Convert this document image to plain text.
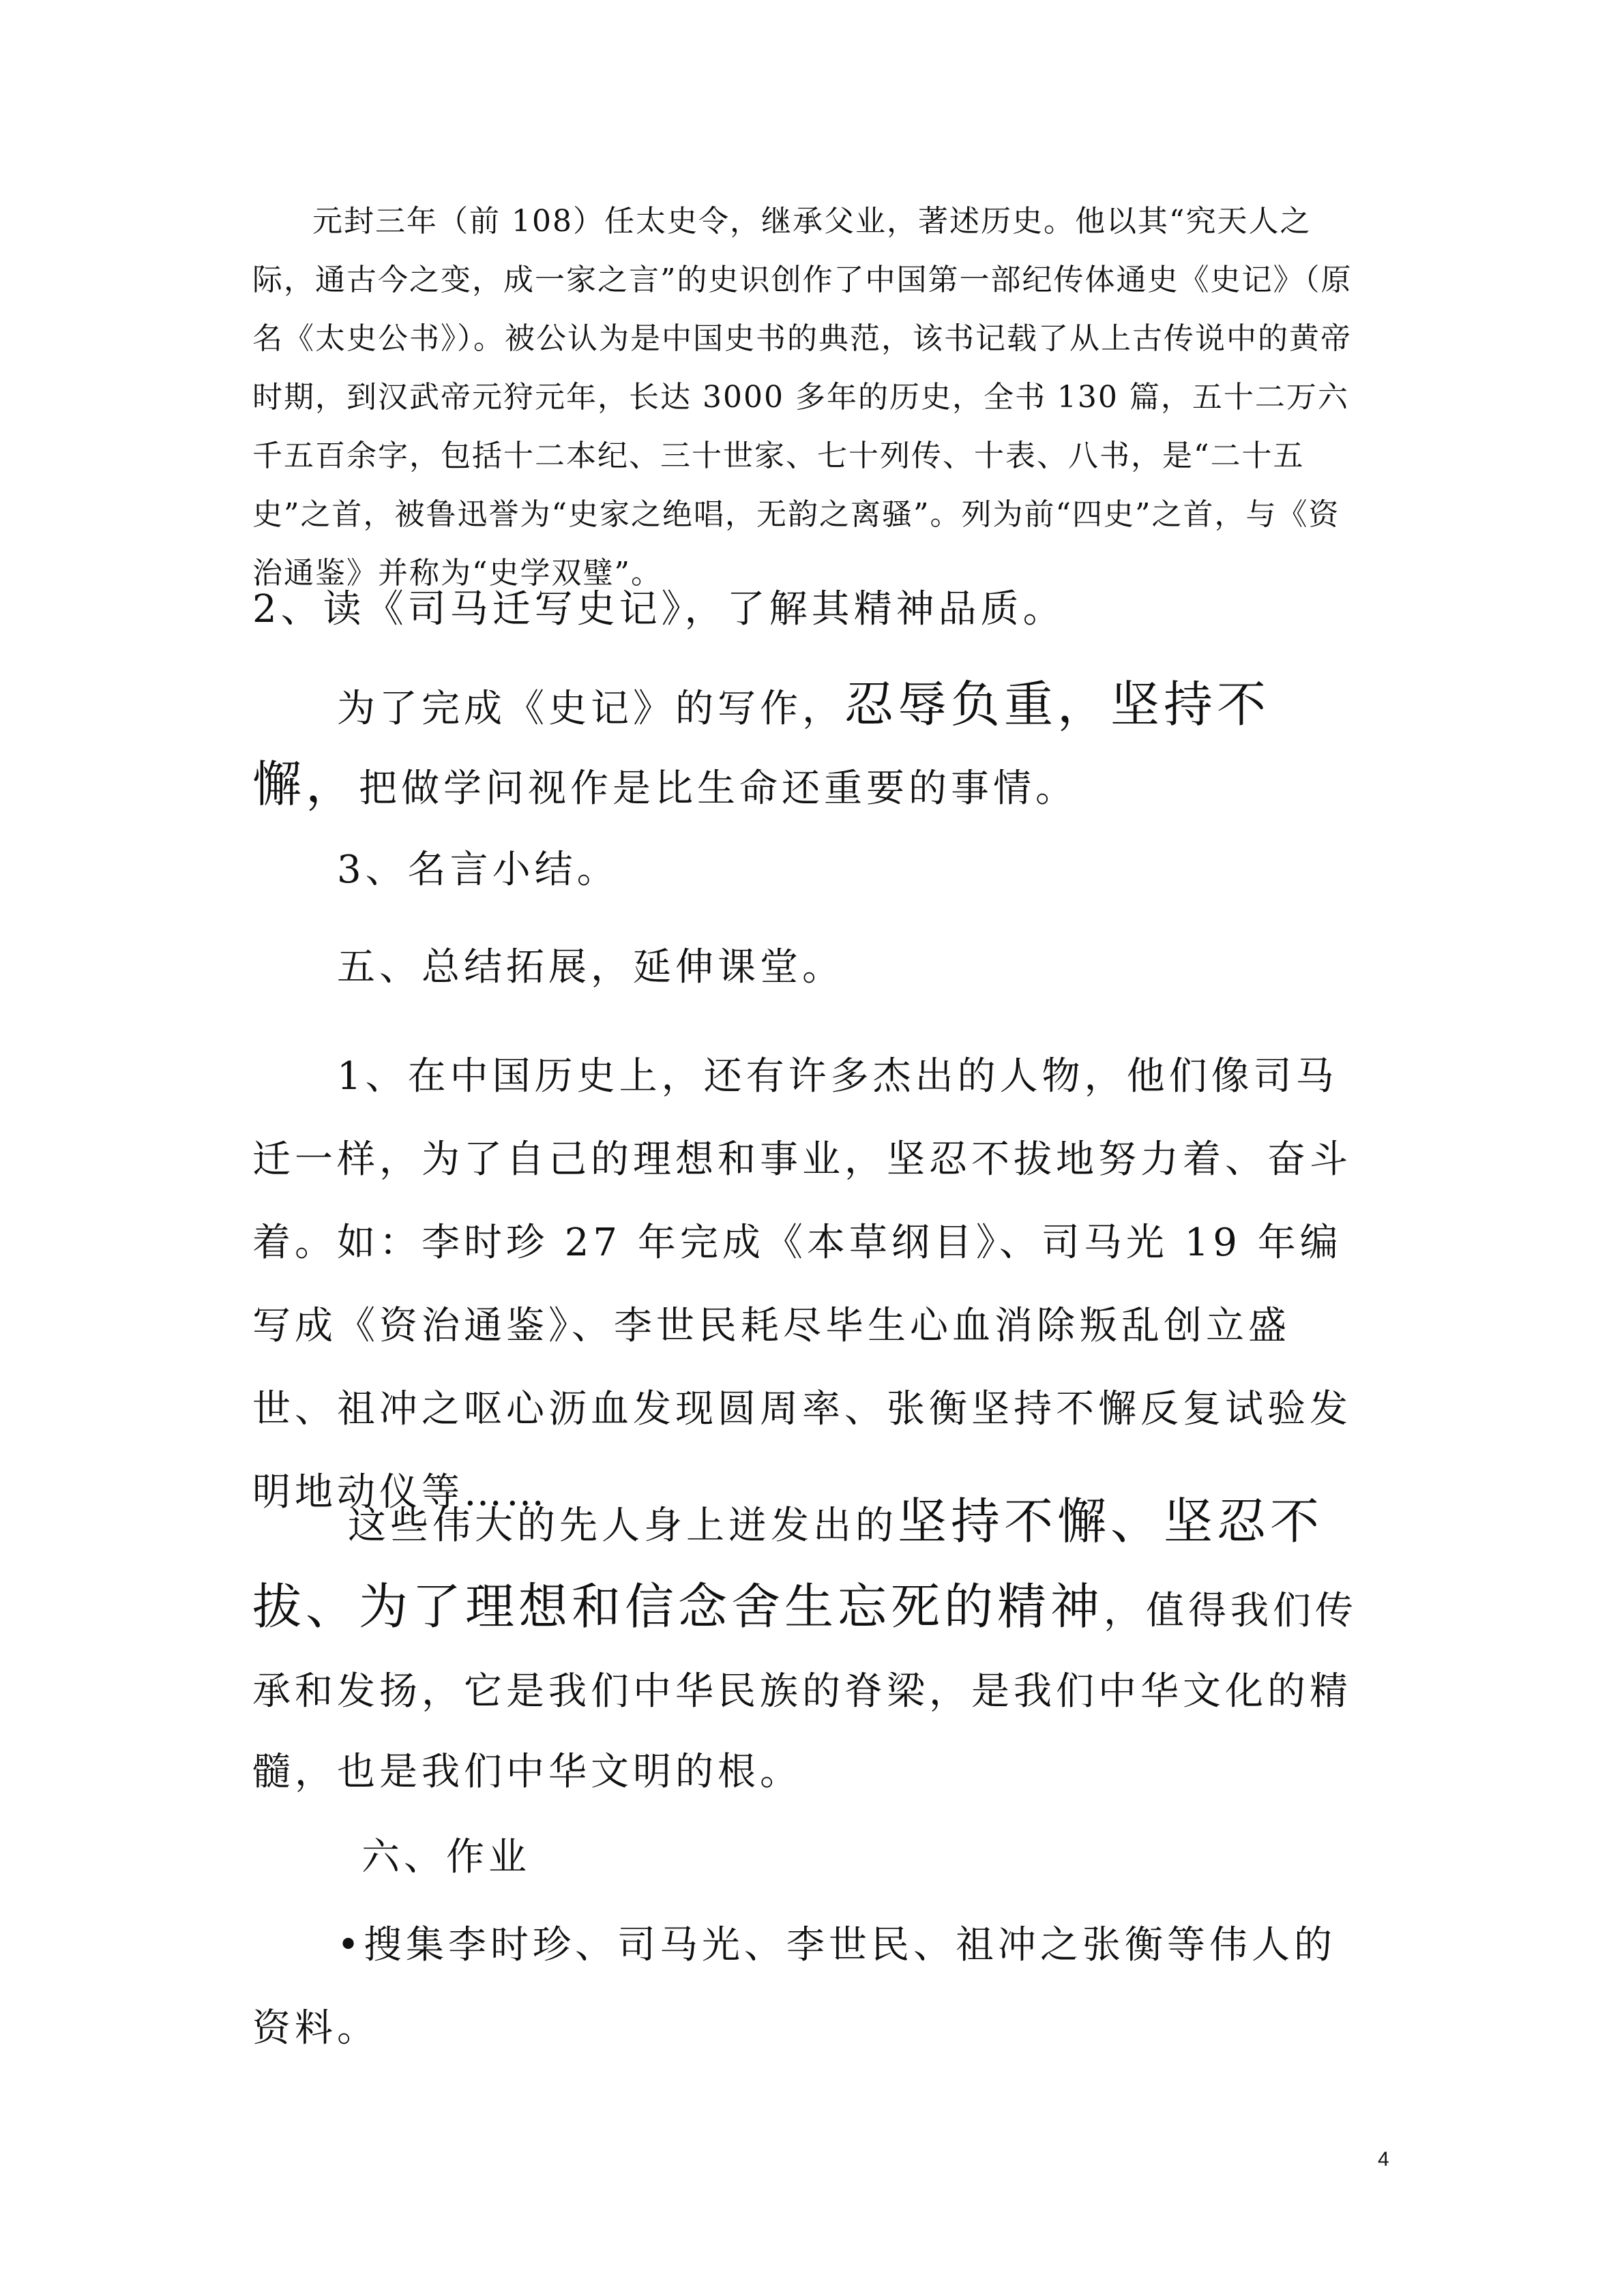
元封三年（前 108）任太史令，继承父业，著述历史。他以其“究天人之际，通古今之变，成一家之言”的史识创作了中国第一部纪传体通史《史记》（原名《太史公书》）。被公认为是中国史书的典范，该书记载了从上古传说中的黄帝时期，到汉武帝元狩元年，长达 3000 多年的历史，全书 130 篇，五十二万六千五百余字，包括十二本纪、三十世家、七十列传、十表、八书，是“二十五史”之首，被鲁迅誉为“史家之绝唱，无韵之离骚”。列为前“四史”之首，与《资治通鉴》并称为“史学双璧”。

2、读《司马迁写史记》，了解其精神品质。

为了完成《史记》的写作，忍辱负重，坚持不懈，把做学问视作是比生命还重要的事情。

3、名言小结。

五、总结拓展，延伸课堂。

1、在中国历史上，还有许多杰出的人物，他们像司马迁一样，为了自己的理想和事业，坚忍不拔地努力着、奋斗着。如：李时珍 27 年完成《本草纲目》、司马光 19 年编写成《资治通鉴》、李世民耗尽毕生心血消除叛乱创立盛世、祖冲之呕心沥血发现圆周率、张衡坚持不懈反复试验发明地动仪等……

这些伟大的先人身上迸发出的坚持不懈、坚忍不拔、为了理想和信念舍生忘死的精神，值得我们传承和发扬，它是我们中华民族的脊梁，是我们中华文化的精髓，也是我们中华文明的根。

六、作业

•搜集李时珍、司马光、李世民、祖冲之张衡等伟人的资料。

4
